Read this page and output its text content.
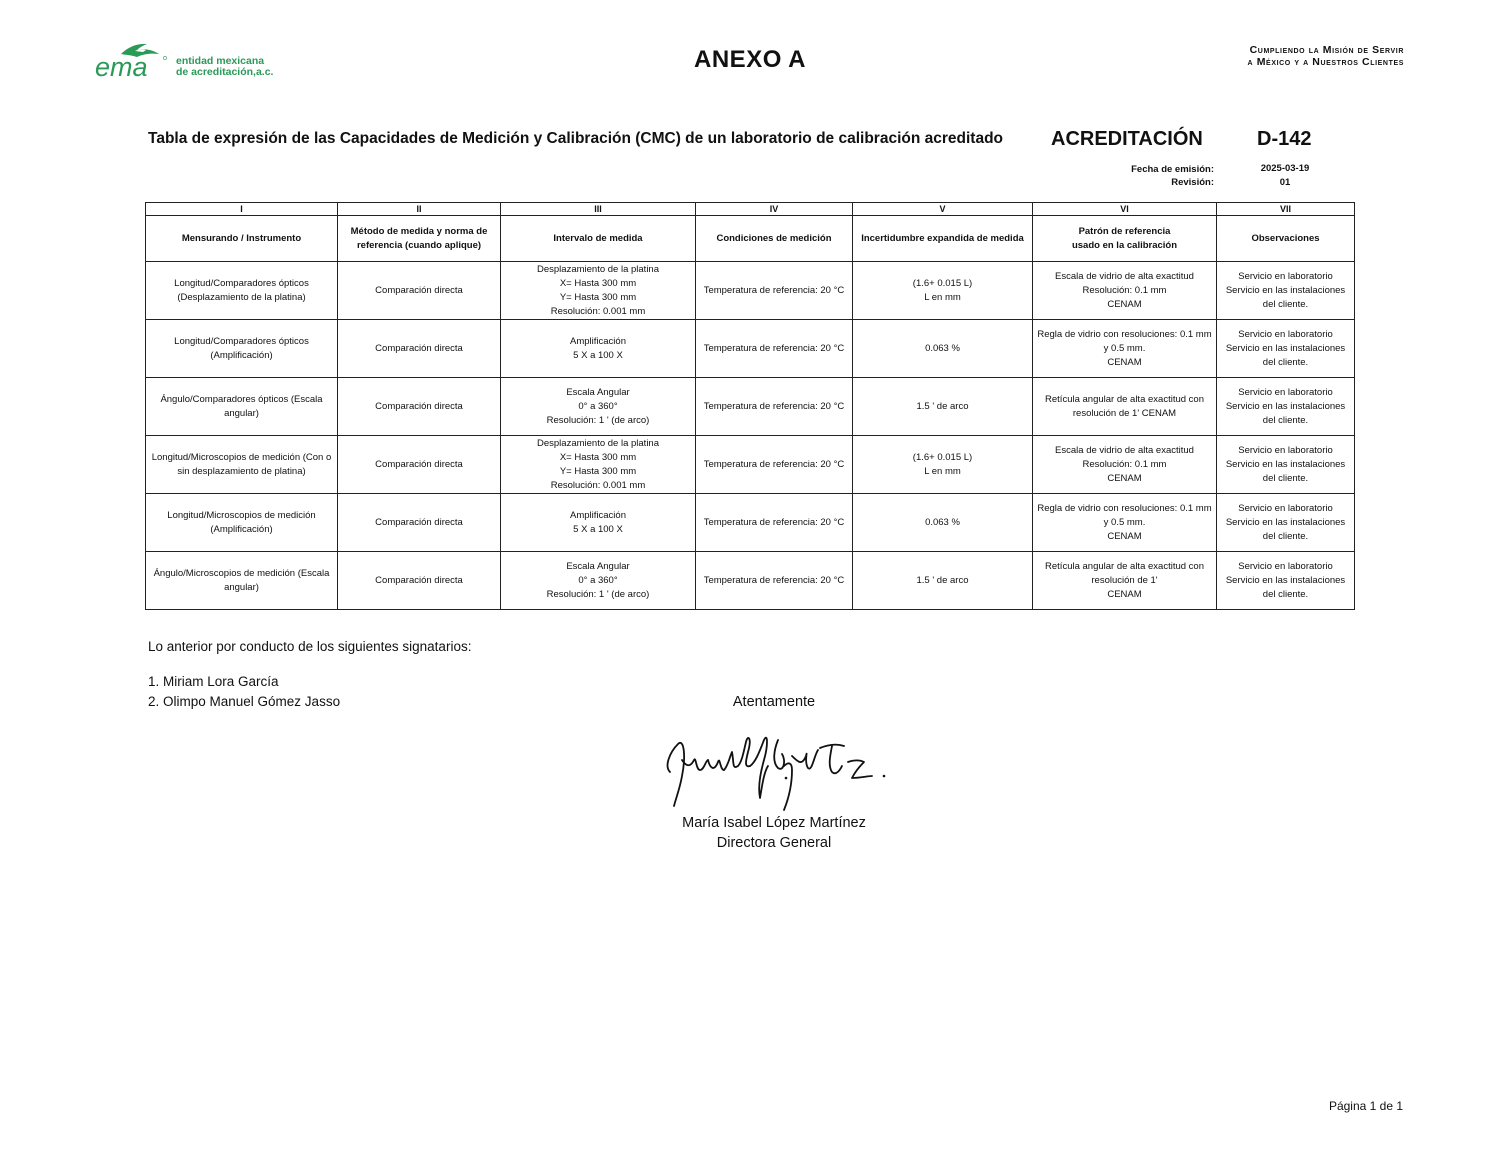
ema	entidad mexicana
de acreditación,a.c.	ANEXO A	Cumpliendo la Misión de Servir
a México y a Nuestros Clientes
Tabla de expresión de las Capacidades de Medición y Calibración (CMC) de un laboratorio de calibración acreditado ACREDITACIÓN	D-142
Fecha de emisión:	2025-03-19
Revisión:	01
I	II	III	IV	V	VI	VII
Mensurando / Instrumento	Método de medida y norma de
referencia (cuando aplique)	Intervalo de medida	Condiciones de medición	Incertidumbre expandida de medida	Patrón de referencia
usado en la calibración	Observaciones
Longitud/Comparadores ópticos
(Desplazamiento de la platina)	Comparación directa	Desplazamiento de la platina
X= Hasta 300 mm
Y= Hasta 300 mm
Resolución: 0.001 mm	Temperatura de referencia: 20 °C	(1.6+ 0.015 L)
L en mm	Escala de vidrio de alta exactitud
Resolución: 0.1 mm
CENAM	Servicio en laboratorio
Servicio en las instalaciones
del cliente.
Longitud/Comparadores ópticos
(Amplificación)	Comparación directa	Amplificación
5 X a 100 X	Temperatura de referencia: 20 °C	0.063 %	Regla de vidrio con resoluciones: 0.1 mm
y 0.5 mm.
CENAM	Servicio en laboratorio
Servicio en las instalaciones
del cliente.
Ángulo/Comparadores ópticos (Escala
angular)	Comparación directa	Escala Angular
0° a 360°
Resolución: 1 ' (de arco)	Temperatura de referencia: 20 °C	1.5 ' de arco	Retícula angular de alta exactitud con
resolución de 1' CENAM	Servicio en laboratorio
Servicio en las instalaciones
del cliente.
Longitud/Microscopios de medición (Con o
sin desplazamiento de platina)	Comparación directa	Desplazamiento de la platina
X= Hasta 300 mm
Y= Hasta 300 mm
Resolución: 0.001 mm	Temperatura de referencia: 20 °C	(1.6+ 0.015 L)
L en mm	Escala de vidrio de alta exactitud
Resolución: 0.1 mm
CENAM	Servicio en laboratorio
Servicio en las instalaciones
del cliente.
Longitud/Microscopios de medición
(Amplificación)	Comparación directa	Amplificación
5 X a 100 X	Temperatura de referencia: 20 °C	0.063 %	Regla de vidrio con resoluciones: 0.1 mm
y 0.5 mm.
CENAM	Servicio en laboratorio
Servicio en las instalaciones
del cliente.
Ángulo/Microscopios de medición (Escala
angular)	Comparación directa	Escala Angular
0° a 360°
Resolución: 1 ' (de arco)	Temperatura de referencia: 20 °C	1.5 ' de arco	Retícula angular de alta exactitud con
resolución de 1'
CENAM	Servicio en laboratorio
Servicio en las instalaciones
del cliente.
Lo anterior por conducto de los siguientes signatarios:
1. Miriam Lora García
2. Olimpo Manuel Gómez Jasso	Atentamente
María Isabel López Martínez
Directora General
Página 1 de 1
